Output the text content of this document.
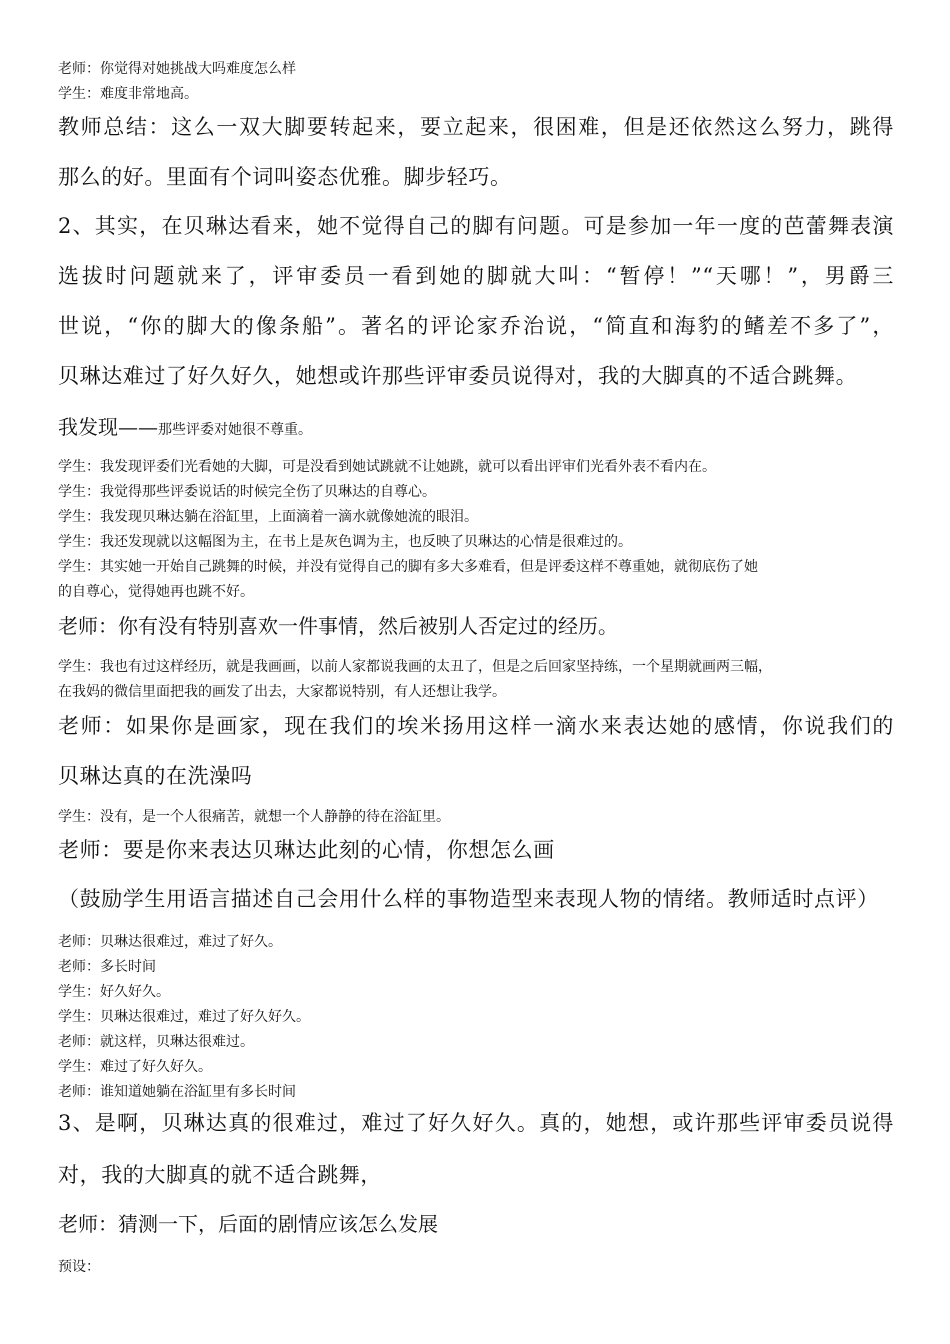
老师：你觉得对她挑战大吗难度怎么样

学生：难度非常地高。

教师总结：这么一双大脚要转起来，要立起来，很困难，但是还依然这么努力，跳得

那么的好。里面有个词叫姿态优雅。脚步轻巧。

2、其实，在贝琳达看来，她不觉得自己的脚有问题。可是参加一年一度的芭蕾舞表演

选拔时问题就来了，评审委员一看到她的脚就大叫：“暂停！”“天哪！”，男爵三

世说，“你的脚大的像条船”。著名的评论家乔治说，“简直和海豹的鳍差不多了”，

贝琳达难过了好久好久，她想或许那些评审委员说得对，我的大脚真的不适合跳舞。

我发现——那些评委对她很不尊重。

学生：我发现评委们光看她的大脚，可是没看到她试跳就不让她跳，就可以看出评审们光看外表不看内在。

学生：我觉得那些评委说话的时候完全伤了贝琳达的自尊心。

学生：我发现贝琳达躺在浴缸里，上面滴着一滴水就像她流的眼泪。

学生：我还发现就以这幅图为主，在书上是灰色调为主，也反映了贝琳达的心情是很难过的。

学生：其实她一开始自己跳舞的时候，并没有觉得自己的脚有多大多难看，但是评委这样不尊重她，就彻底伤了她

的自尊心，觉得她再也跳不好。

老师：你有没有特别喜欢一件事情，然后被别人否定过的经历。

学生：我也有过这样经历，就是我画画，以前人家都说我画的太丑了，但是之后回家坚持练，一个星期就画两三幅，

在我妈的微信里面把我的画发了出去，大家都说特别，有人还想让我学。

老师：如果你是画家，现在我们的埃米扬用这样一滴水来表达她的感情，你说我们的

贝琳达真的在洗澡吗

学生：没有，是一个人很痛苦，就想一个人静静的待在浴缸里。

老师：要是你来表达贝琳达此刻的心情，你想怎么画

（鼓励学生用语言描述自己会用什么样的事物造型来表现人物的情绪。教师适时点评）

老师：贝琳达很难过，难过了好久。

老师：多长时间

学生：好久好久。

学生：贝琳达很难过，难过了好久好久。

老师：就这样，贝琳达很难过。

学生：难过了好久好久。

老师：谁知道她躺在浴缸里有多长时间

3、是啊，贝琳达真的很难过，难过了好久好久。真的，她想，或许那些评审委员说得

对，我的大脚真的就不适合跳舞，

老师：猜测一下，后面的剧情应该怎么发展

预设：
